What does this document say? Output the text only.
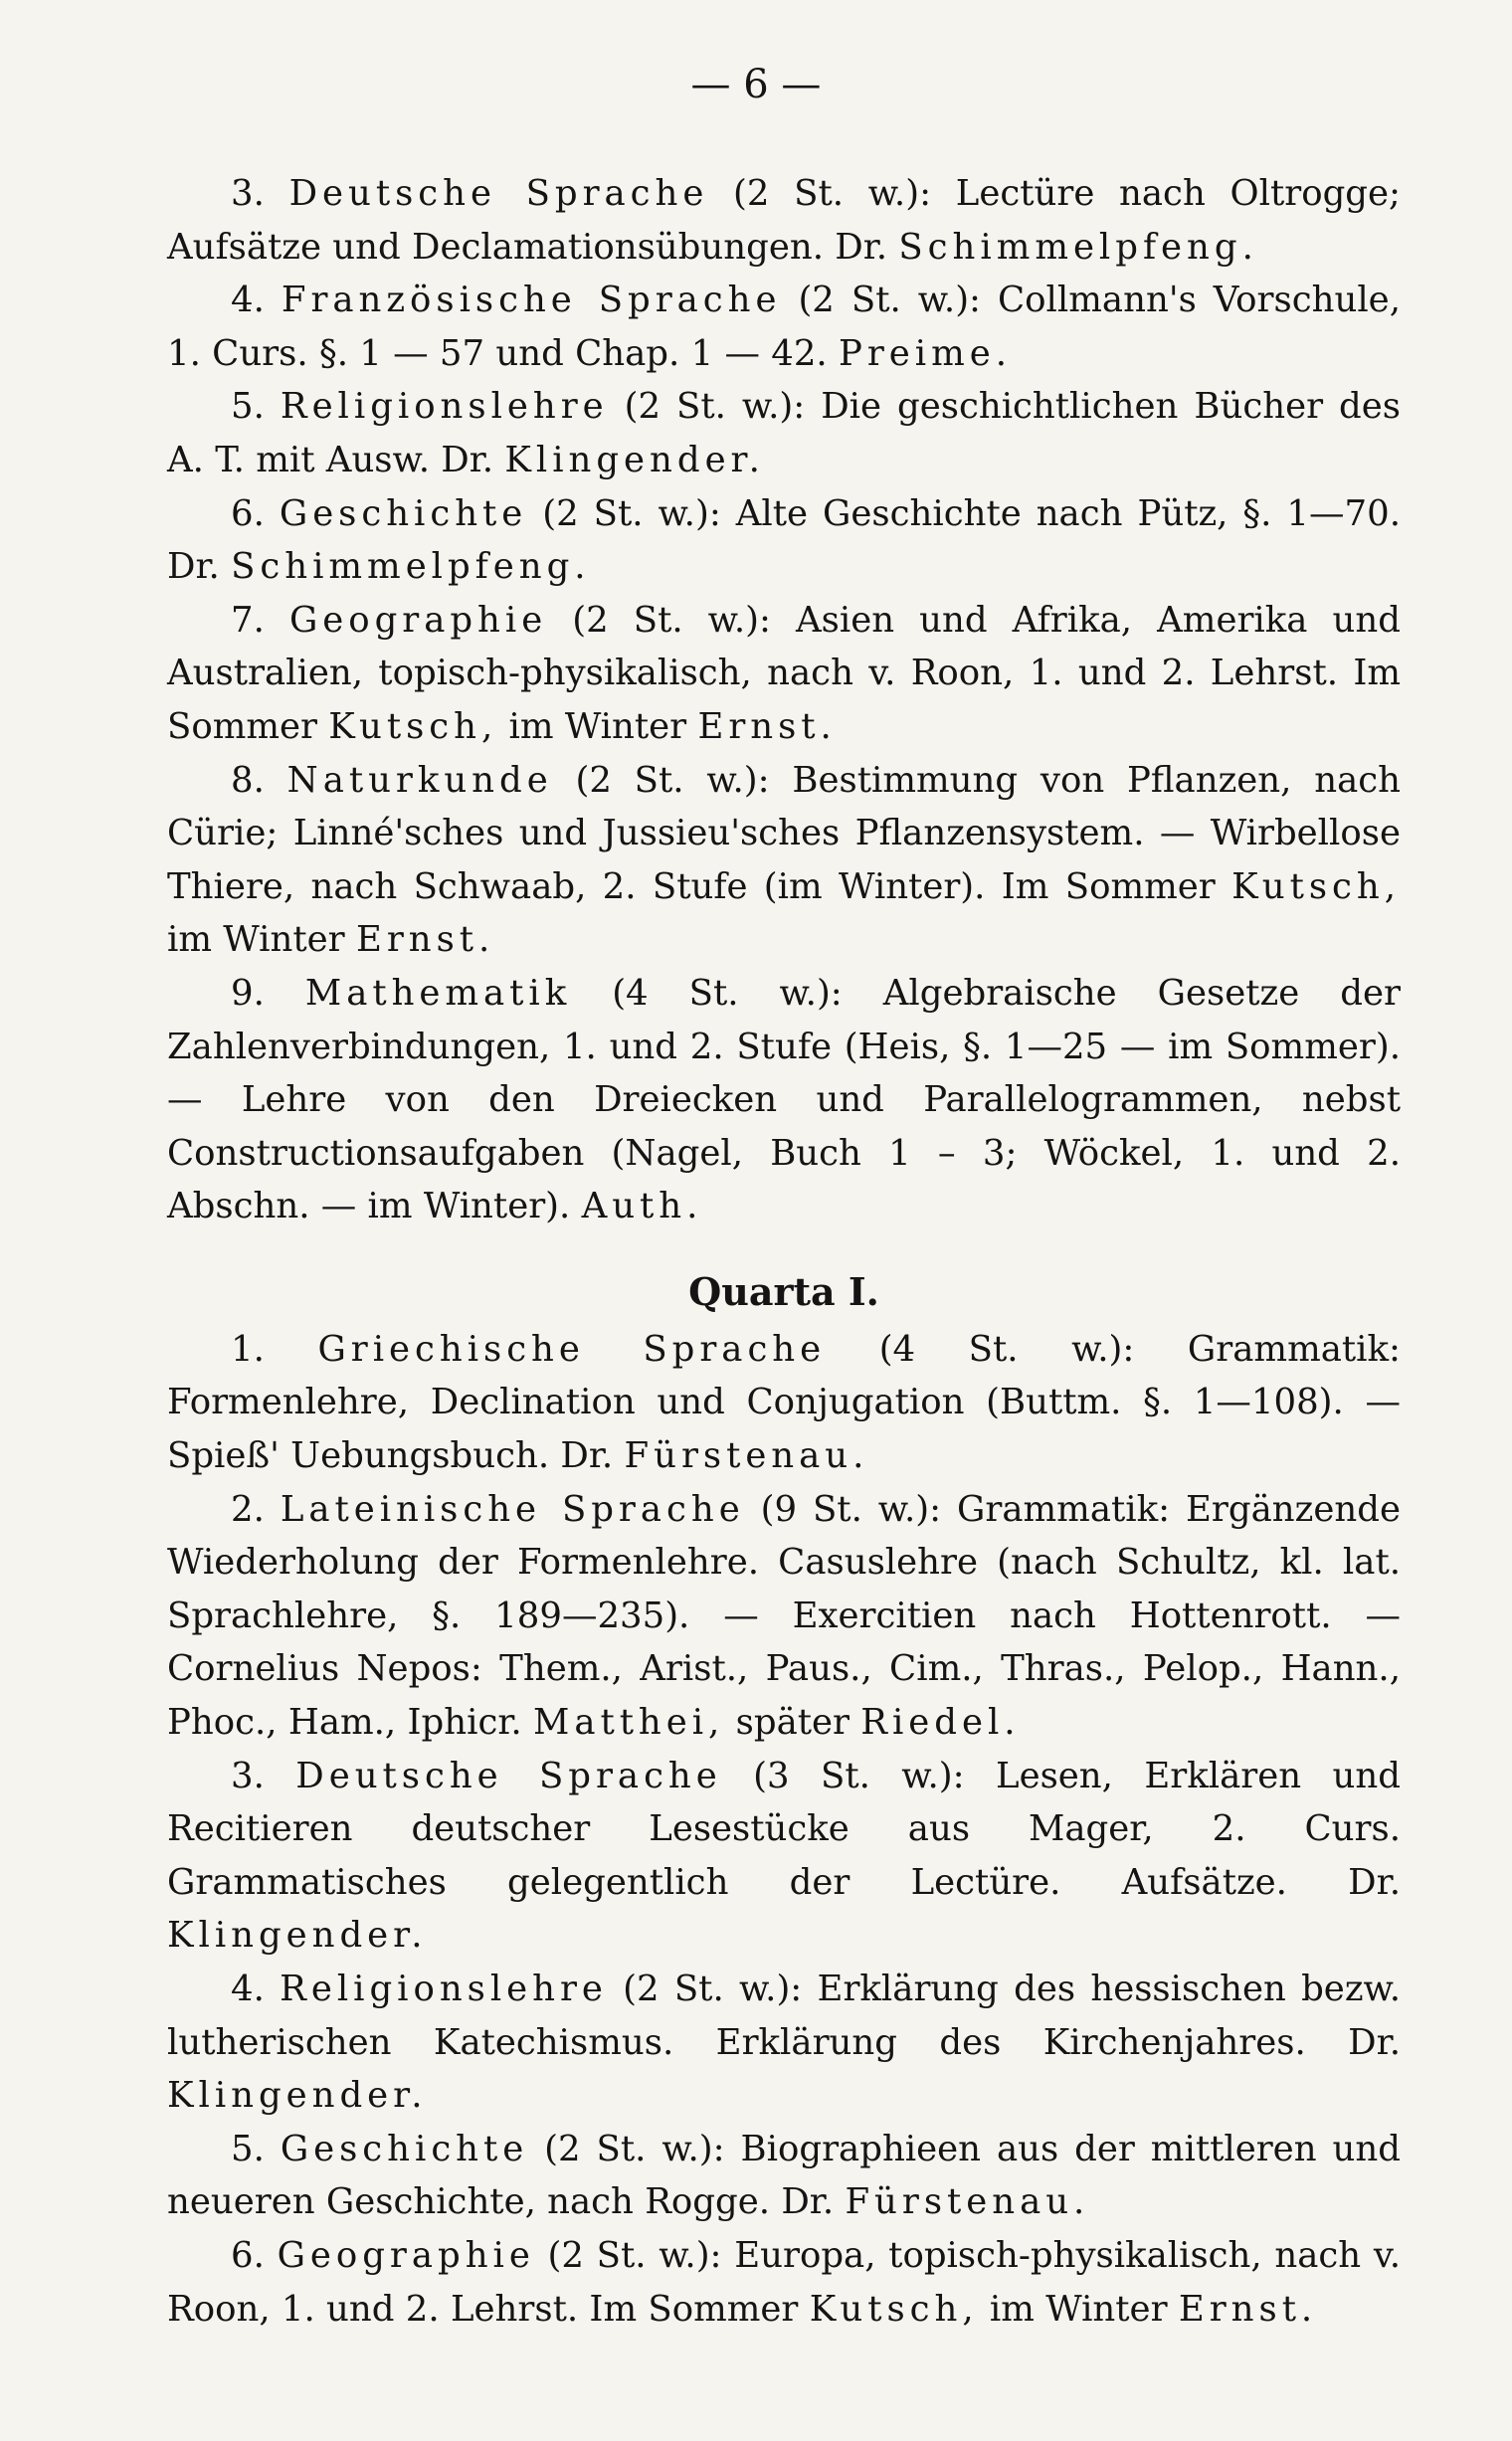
— 6 —

3. Deutsche Sprache (2 St. w.): Lectüre nach Oltrogge; Aufsätze und Declamationsübungen. Dr. Schimmelpfeng.

4. Französische Sprache (2 St. w.): Collmann's Vorschule, 1. Curs. §. 1 — 57 und Chap. 1 — 42. Preime.

5. Religionslehre (2 St. w.): Die geschichtlichen Bücher des A. T. mit Ausw. Dr. Klingender.

6. Geschichte (2 St. w.): Alte Geschichte nach Pütz, §. 1—70. Dr. Schimmelpfeng.

7. Geographie (2 St. w.): Asien und Afrika, Amerika und Australien, topisch-physikalisch, nach v. Roon, 1. und 2. Lehrst. Im Sommer Kutsch, im Winter Ernst.

8. Naturkunde (2 St. w.): Bestimmung von Pflanzen, nach Cürie; Linné'sches und Jussieu'sches Pflanzensystem. — Wirbellose Thiere, nach Schwaab, 2. Stufe (im Winter). Im Sommer Kutsch, im Winter Ernst.

9. Mathematik (4 St. w.): Algebraische Gesetze der Zahlenverbindungen, 1. und 2. Stufe (Heis, §. 1—25 — im Sommer). — Lehre von den Dreiecken und Parallelogrammen, nebst Constructionsaufgaben (Nagel, Buch 1 – 3; Wöckel, 1. und 2. Abschn. — im Winter). Auth.

Quarta I.

1. Griechische Sprache (4 St. w.): Grammatik: Formenlehre, Declination und Conjugation (Buttm. §. 1—108). — Spieß' Uebungsbuch. Dr. Fürstenau.

2. Lateinische Sprache (9 St. w.): Grammatik: Ergänzende Wiederholung der Formenlehre. Casuslehre (nach Schultz, kl. lat. Sprachlehre, §. 189—235). — Exercitien nach Hottenrott. — Cornelius Nepos: Them., Arist., Paus., Cim., Thras., Pelop., Hann., Phoc., Ham., Iphicr. Matthei, später Riedel.

3. Deutsche Sprache (3 St. w.): Lesen, Erklären und Recitieren deutscher Lesestücke aus Mager, 2. Curs. Grammatisches gelegentlich der Lectüre. Aufsätze. Dr. Klingender.

4. Religionslehre (2 St. w.): Erklärung des hessischen bezw. lutherischen Katechismus. Erklärung des Kirchenjahres. Dr. Klingender.

5. Geschichte (2 St. w.): Biographieen aus der mittleren und neueren Geschichte, nach Rogge. Dr. Fürstenau.

6. Geographie (2 St. w.): Europa, topisch-physikalisch, nach v. Roon, 1. und 2. Lehrst. Im Sommer Kutsch, im Winter Ernst.
